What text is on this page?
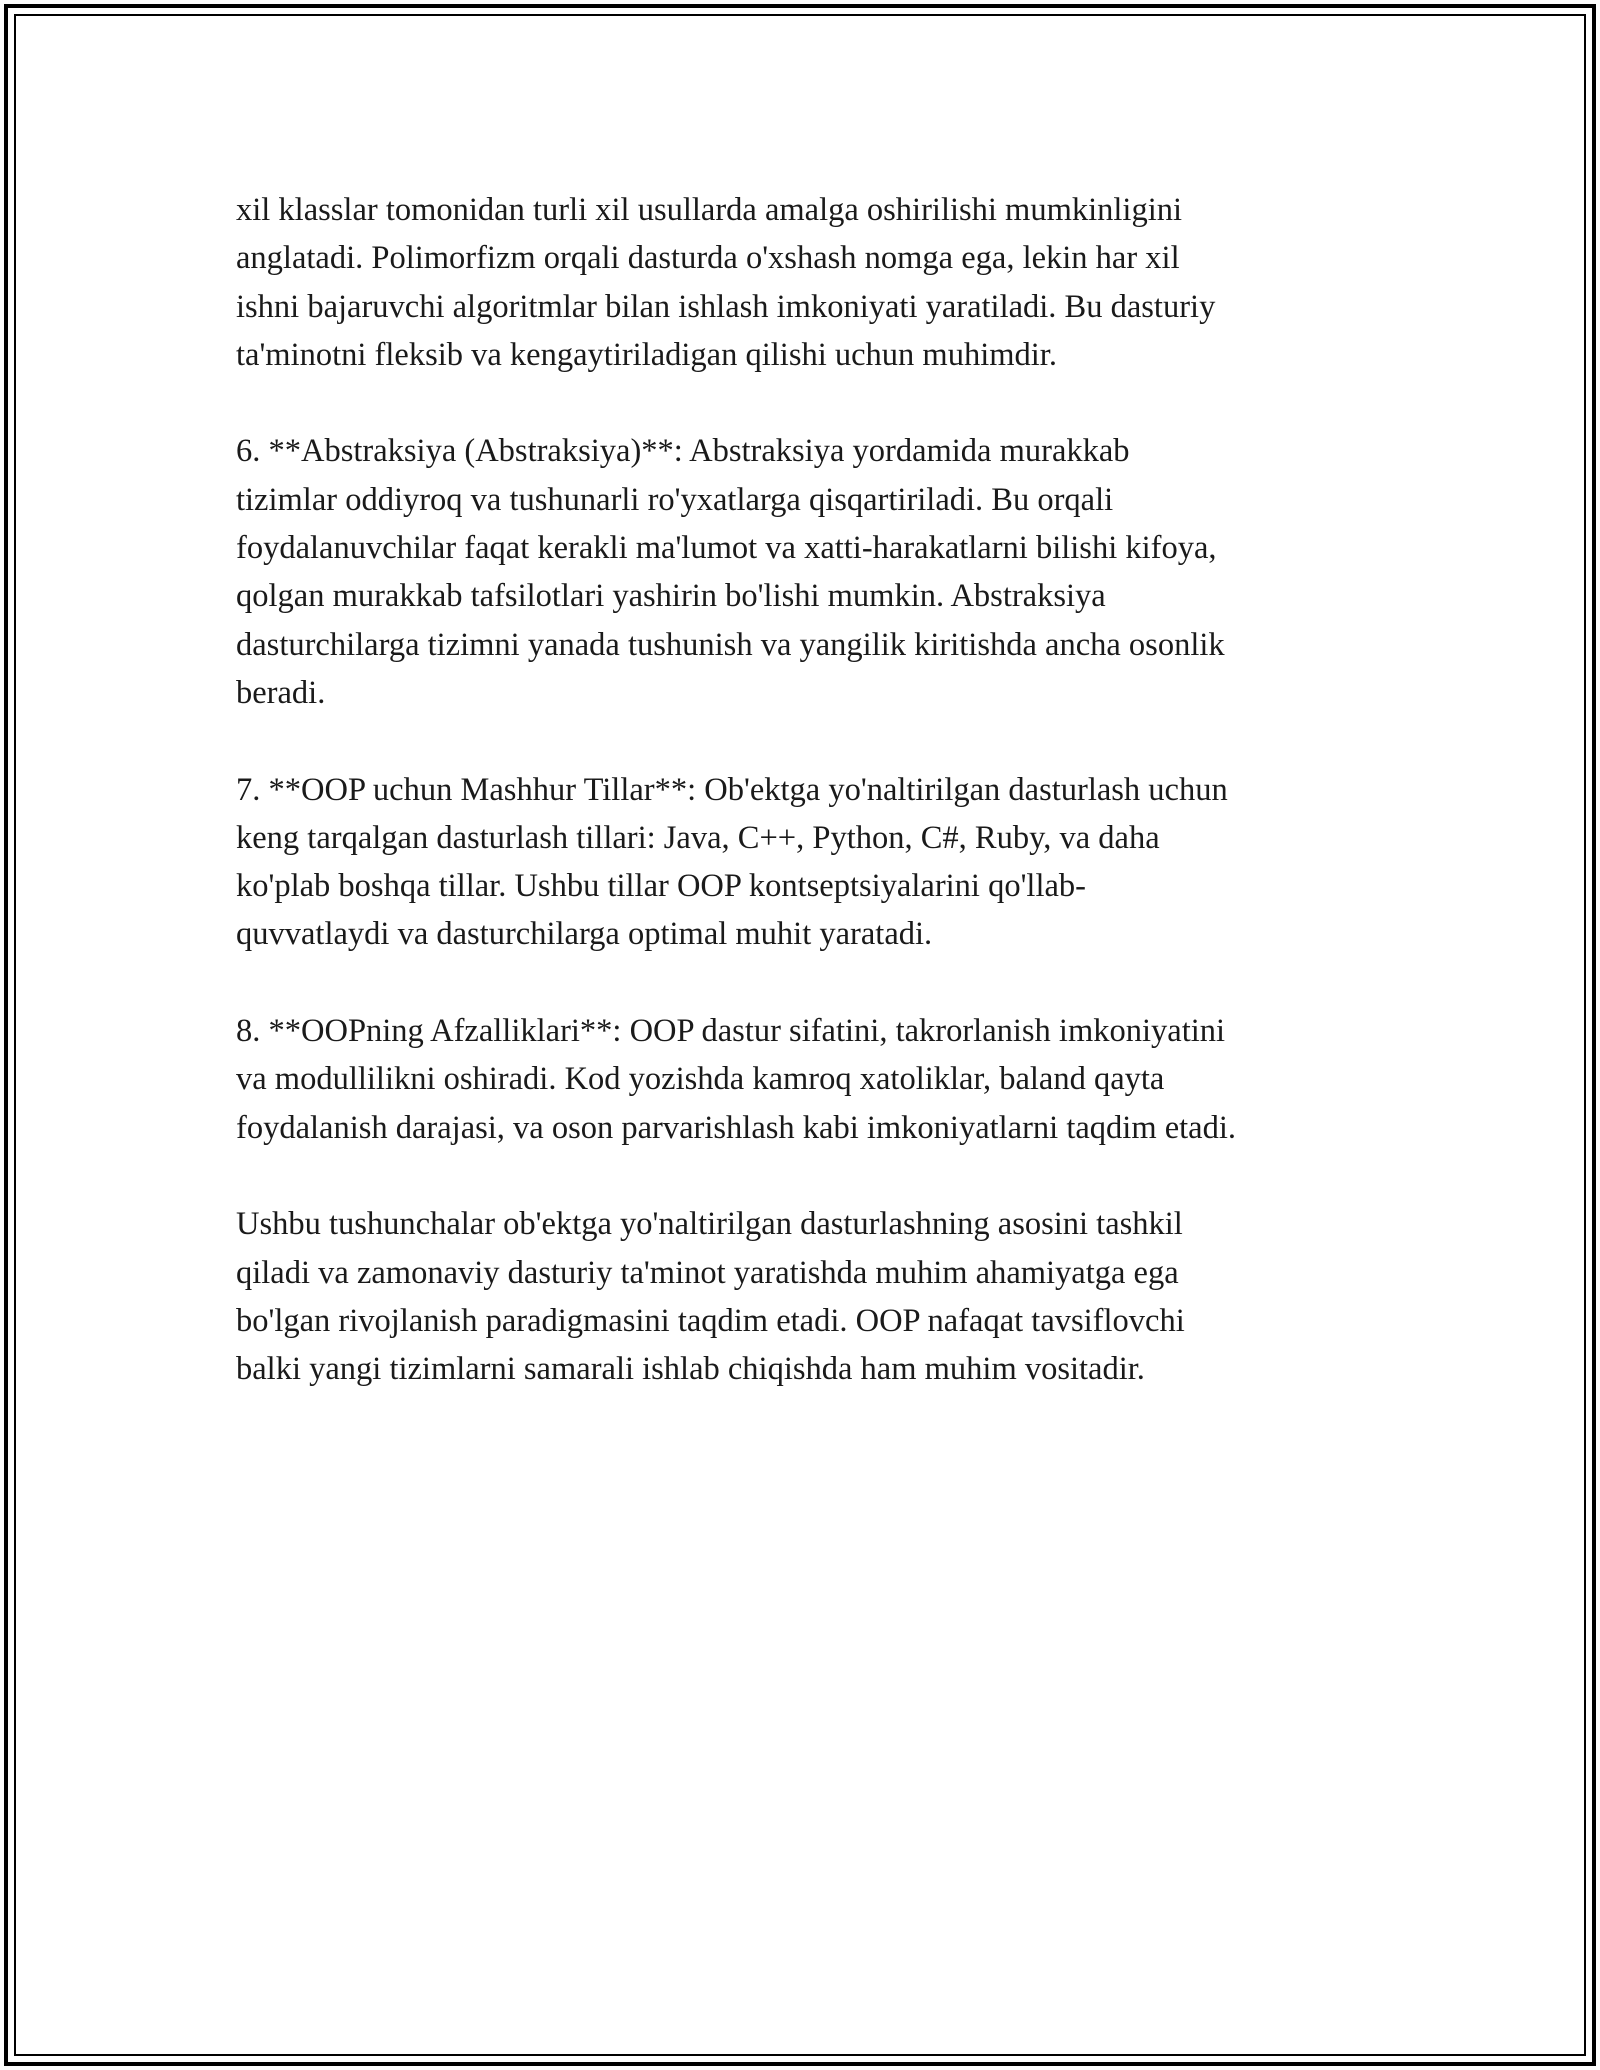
xil klasslar tomonidan turli xil usullarda amalga oshirilishi mumkinligini
anglatadi. Polimorfizm orqali dasturda o'xshash nomga ega, lekin har xil
ishni bajaruvchi algoritmlar bilan ishlash imkoniyati yaratiladi. Bu dasturiy
ta'minotni fleksib va kengaytiriladigan qilishi uchun muhimdir.

6. **Abstraksiya (Abstraksiya)**: Abstraksiya yordamida murakkab
tizimlar oddiyroq va tushunarli ro'yxatlarga qisqartiriladi. Bu orqali
foydalanuvchilar faqat kerakli ma'lumot va xatti-harakatlarni bilishi kifoya,
qolgan murakkab tafsilotlari yashirin bo'lishi mumkin. Abstraksiya
dasturchilarga tizimni yanada tushunish va yangilik kiritishda ancha osonlik
beradi.

7. **OOP uchun Mashhur Tillar**: Ob'ektga yo'naltirilgan dasturlash uchun
keng tarqalgan dasturlash tillari: Java, C++, Python, C#, Ruby, va daha
ko'plab boshqa tillar. Ushbu tillar OOP kontseptsiyalarini qo'llab-
quvvatlaydi va dasturchilarga optimal muhit yaratadi.

8. **OOPning Afzalliklari**: OOP dastur sifatini, takrorlanish imkoniyatini
va modullilikni oshiradi. Kod yozishda kamroq xatoliklar, baland qayta
foydalanish darajasi, va oson parvarishlash kabi imkoniyatlarni taqdim etadi.

Ushbu tushunchalar ob'ektga yo'naltirilgan dasturlashning asosini tashkil
qiladi va zamonaviy dasturiy ta'minot yaratishda muhim ahamiyatga ega
bo'lgan rivojlanish paradigmasini taqdim etadi. OOP nafaqat tavsiflovchi
balki yangi tizimlarni samarali ishlab chiqishda ham muhim vositadir.
